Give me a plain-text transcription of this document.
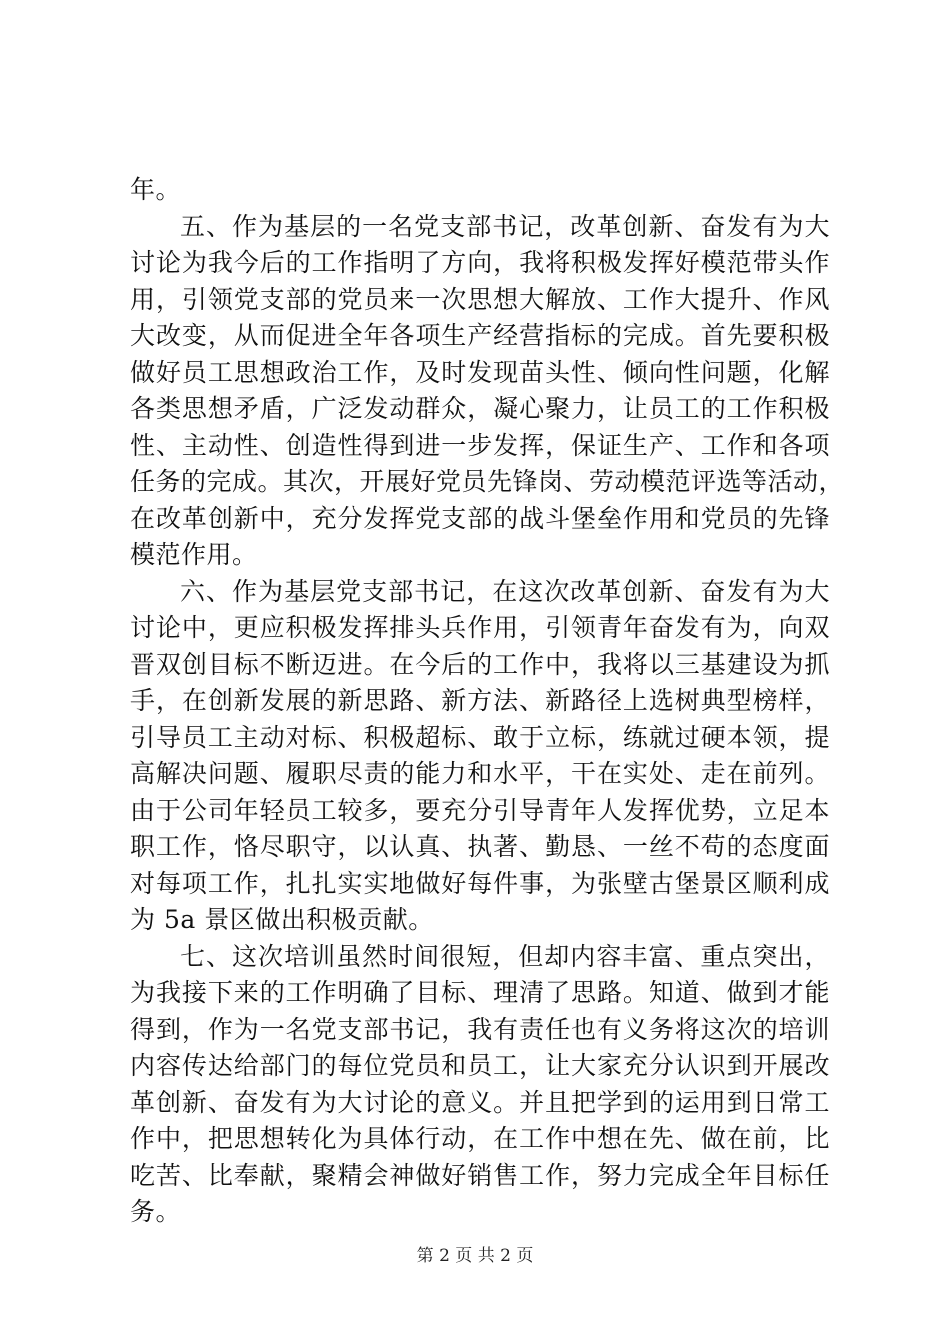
年。
五、作为基层的一名党支部书记，改革创新、奋发有为大
讨论为我今后的工作指明了方向，我将积极发挥好模范带头作
用，引领党支部的党员来一次思想大解放、工作大提升、作风
大改变，从而促进全年各项生产经营指标的完成。首先要积极
做好员工思想政治工作，及时发现苗头性、倾向性问题，化解
各类思想矛盾，广泛发动群众，凝心聚力，让员工的工作积极
性、主动性、创造性得到进一步发挥，保证生产、工作和各项
任务的完成。其次，开展好党员先锋岗、劳动模范评选等活动，
在改革创新中，充分发挥党支部的战斗堡垒作用和党员的先锋
模范作用。
六、作为基层党支部书记，在这次改革创新、奋发有为大
讨论中，更应积极发挥排头兵作用，引领青年奋发有为，向双
晋双创目标不断迈进。在今后的工作中，我将以三基建设为抓
手，在创新发展的新思路、新方法、新路径上选树典型榜样，
引导员工主动对标、积极超标、敢于立标，练就过硬本领，提
高解决问题、履职尽责的能力和水平，干在实处、走在前列。
由于公司年轻员工较多，要充分引导青年人发挥优势，立足本
职工作，恪尽职守，以认真、执著、勤恳、一丝不苟的态度面
对每项工作，扎扎实实地做好每件事，为张壁古堡景区顺利成
为 5a 景区做出积极贡献。
七、这次培训虽然时间很短，但却内容丰富、重点突出，
为我接下来的工作明确了目标、理清了思路。知道、做到才能
得到，作为一名党支部书记，我有责任也有义务将这次的培训
内容传达给部门的每位党员和员工，让大家充分认识到开展改
革创新、奋发有为大讨论的意义。并且把学到的运用到日常工
作中，把思想转化为具体行动，在工作中想在先、做在前，比
吃苦、比奉献，聚精会神做好销售工作，努力完成全年目标任
务。
第 2 页 共 2 页
